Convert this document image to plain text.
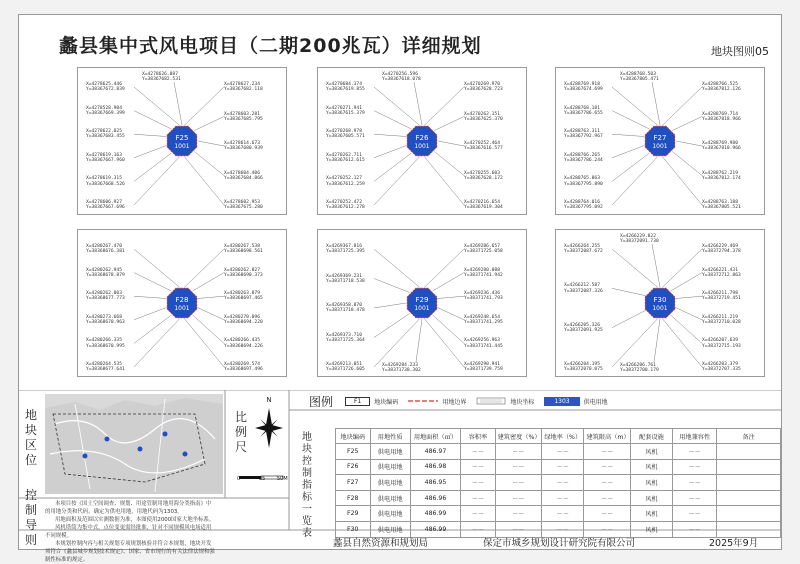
蠡县集中式风电项目（二期200兆瓦）详细规划	地块图则05
F25
1001
X=4278625.446
Y=38367672.839
X=4278528.904
Y=38367669.399
X=4278622.025
Y=38367683.455
X=4278619.163
Y=38367667.960
X=4278619.315
Y=38367668.526
X=4278606.927
Y=38367667.696
X=4278627.234
Y=38367682.118
X=4278603.281
Y=38367685.795
X=4278614.673
Y=38367680.939
X=4278604.406
Y=38367684.866
X=4278602.953
Y=38367675.280
X=4278626.087
Y=38367682.531
F26
1001
X=4270684.374
Y=38367619.855
X=4270271.941
Y=38367615.379
X=4270268.978
Y=38367605.571
X=4270262.711
Y=38367612.615
X=4270252.127
Y=38367612.259
X=4270252.472
Y=38367612.278
X=4270269.970
Y=38367628.723
X=4270262.151
Y=38367625.370
X=4270252.464
Y=38367616.577
X=4270255.603
Y=38367628.172
X=4270216.654
Y=38367619.304
X=4270256.596
Y=38367618.078
F27
1001
X=4288769.918
Y=38367674.699
X=4288768.181
Y=38367786.655
X=4288763.311
Y=38367792.967
X=4288766.265
Y=38367786.244
X=4288765.863
Y=38367795.890
X=4288764.016
Y=38367795.092
X=4288766.525
Y=38367812.126
X=4288769.714
Y=38367818.966
X=4288769.980
Y=38367810.966
X=4288762.219
Y=38367812.174
X=4288763.188
Y=38367805.521
X=4288768.503
Y=38367805.471
F28
1001
X=4280267.470
Y=38368676.381
X=4280262.945
Y=38368678.879
X=4280262.803
Y=38368677.773
X=4280273.668
Y=38368670.963
X=4280266.335
Y=38368670.995
X=4280264.535
Y=38368677.641
X=4280267.538
Y=38368698.561
X=4280262.827
Y=38368690.373
X=4280263.879
Y=38368697.465
X=4280270.096
Y=38368694.220
X=4280266.435
Y=38368694.226
X=4280269.574
Y=38368697.496
F29
1001
X=4269367.816
Y=38371725.395
X=4269369.231
Y=38371718.538
X=4269358.870
Y=38371718.478
X=4269373.710
Y=38371725.364
X=4269213.051
Y=38371726.605
X=4269286.657
Y=38371725.058
X=4269280.088
Y=38371741.942
X=4269236.436
Y=38371741.793
X=4269248.654
Y=38371741.295
X=4269256.963
Y=38371741.445
X=4269290.941
Y=38371739.759
X=4269284.233
Y=38371738.302
F30
1001
X=4266264.255
Y=38372087.672
X=4266212.587
Y=38372087.326
X=4266205.326
Y=38372091.925
X=4266204.195
Y=38372070.075
X=4266229.469
Y=38372794.378
X=4266221.431
Y=38372712.863
X=4266211.798
Y=38372719.451
X=4266211.219
Y=38372710.028
X=4266207.639
Y=38372715.193
X=4266203.379
Y=38372707.335
X=4266229.822
Y=38372091.730
X=4266206.761
Y=38372700.179
地块区位
比例尺
N
0	25 50M
控制导则

本项目按《国土空间调查、规划、用途管制用地用海分类指南》中的用地分类和代码，确定为供电用地，用地代码为1303。

用地面积及范围以实测数据为准，本图使用2000国家大地坐标系。

风机塔筒为集中式，点位变更需经批准，针对不同规模风电场适用不同规模。

本规划控制内容与相关规划专项规划核验并符合本规划，地块开发须符合《蠡县城乡规划技术规定》、国家、省市现行的有关法律法规和强制性标准的规定。

图例	F1	地块编码	用地边界	地块坐标	1303	供电用地
地块控制指标一览表
地块编码	用地性质	用地面积（㎡）	容积率	建筑密度（%）	绿地率（%）	建筑限高（m）	配套设施	用地兼容性	备注
F25	供电用地	486.97	－－	－－	－－	－－	风机	－－	
F26	供电用地	486.98	－－	－－	－－	－－	风机	－－	
F27	供电用地	486.95	－－	－－	－－	－－	风机	－－	
F28	供电用地	486.96	－－	－－	－－	－－	风机	－－	
F29	供电用地	486.99	－－	－－	－－	－－	风机	－－	
F30	供电用地	486.99	－－	－－	－－	－－	风机	－－	
蠡县自然资源和规划局	保定市城乡规划设计研究院有限公司	2025年9月
